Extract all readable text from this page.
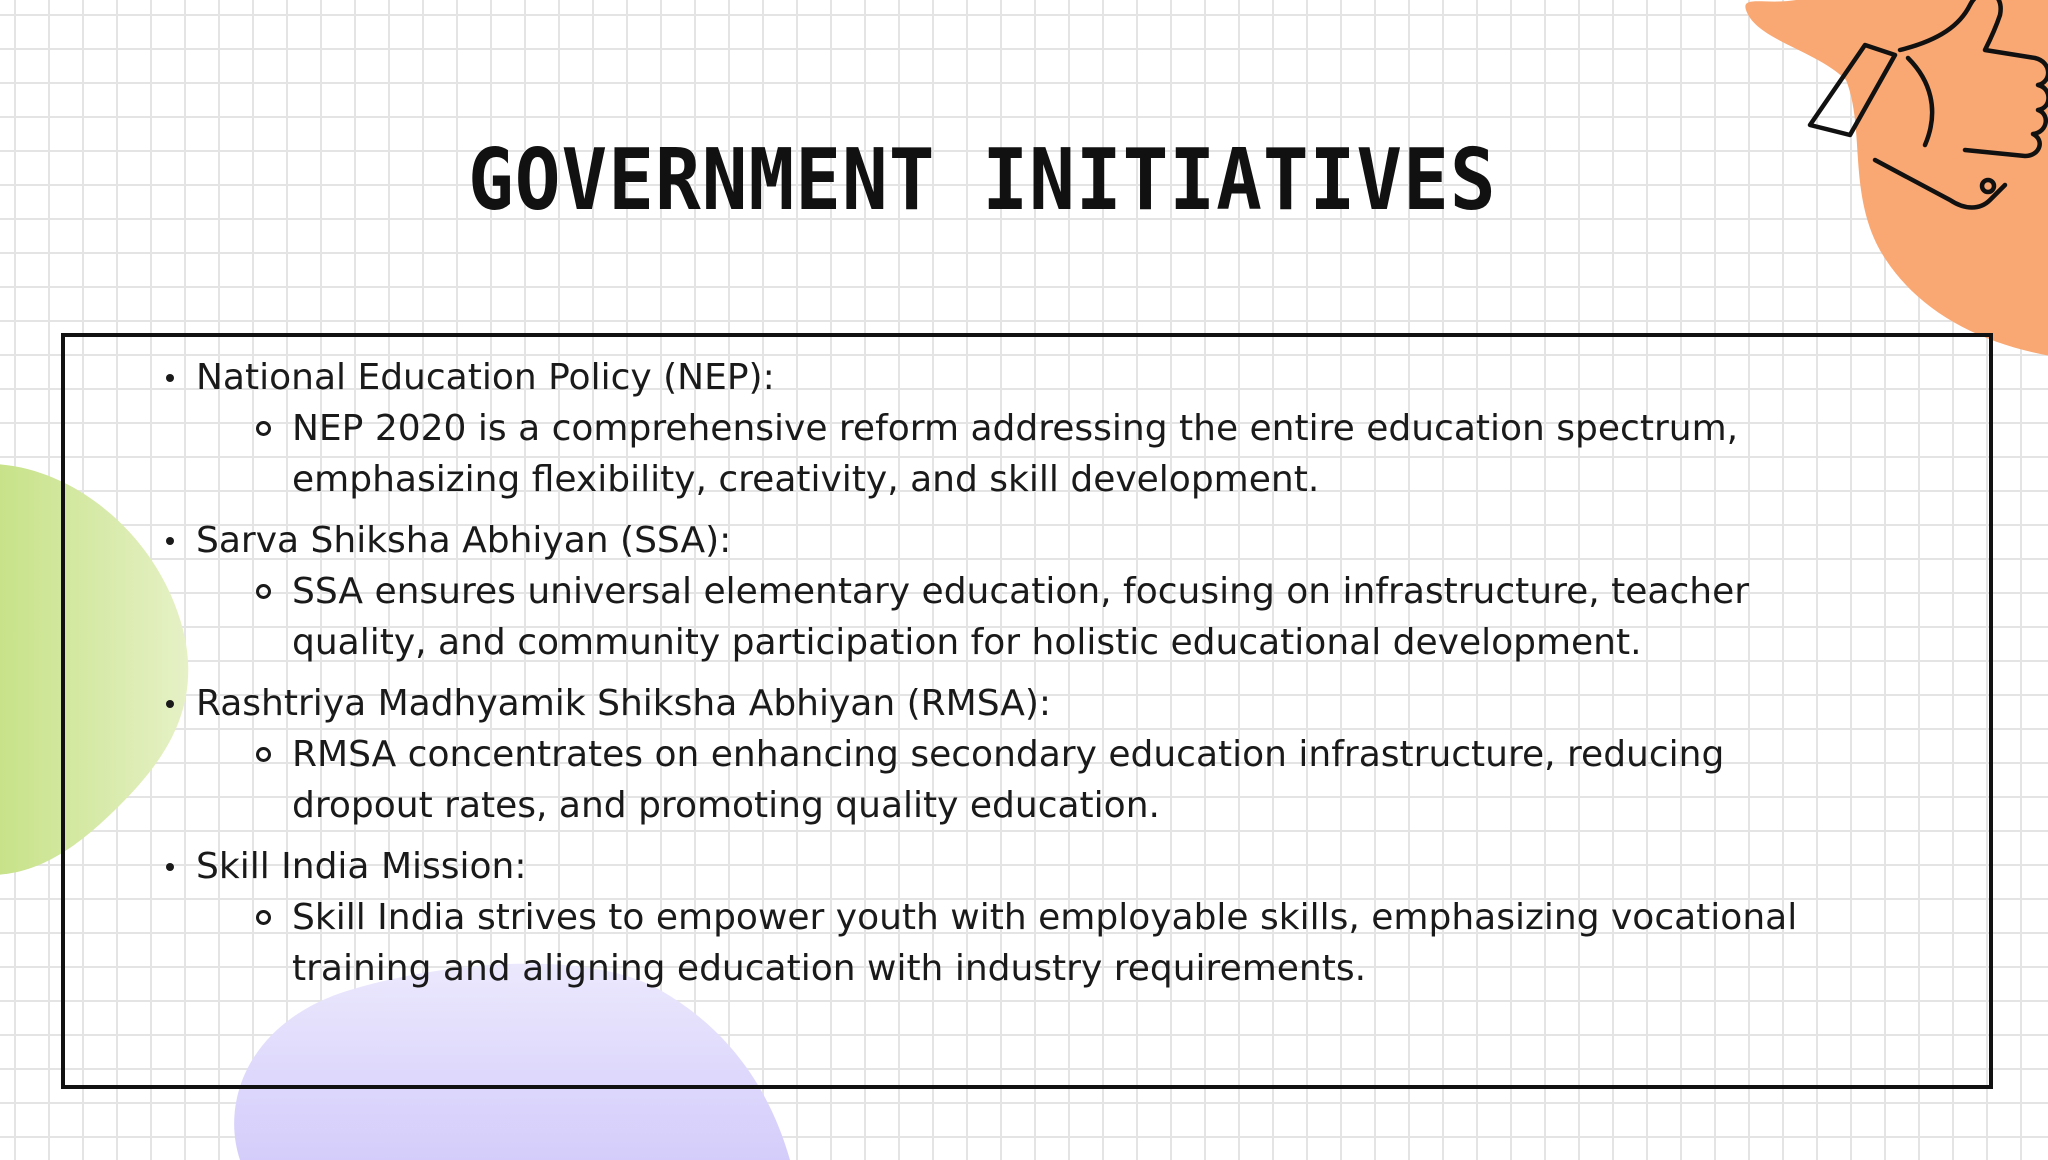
GOVERNMENT INITIATIVES
National Education Policy (NEP):
NEP 2020 is a comprehensive reform addressing the entire education spectrum, emphasizing flexibility, creativity, and skill development.
Sarva Shiksha Abhiyan (SSA):
SSA ensures universal elementary education, focusing on infrastructure, teacher quality, and community participation for holistic educational development.
Rashtriya Madhyamik Shiksha Abhiyan (RMSA):
RMSA concentrates on enhancing secondary education infrastructure, reducing dropout rates, and promoting quality education.
Skill India Mission:
Skill India strives to empower youth with employable skills, emphasizing vocational training and aligning education with industry requirements.
